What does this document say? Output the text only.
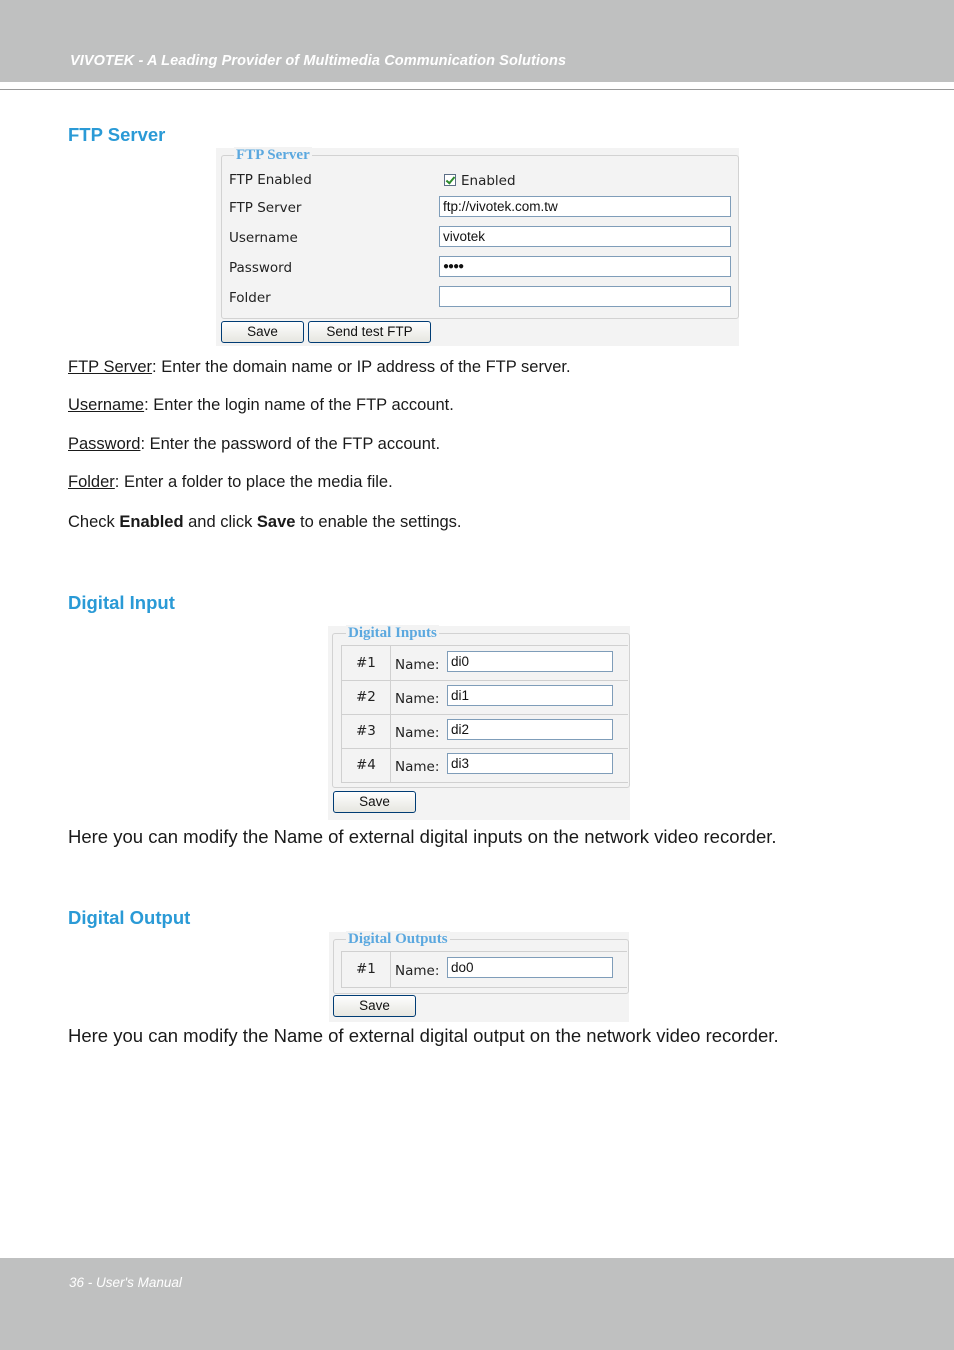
VIVOTEK - A Leading Provider of Multimedia Communication Solutions
FTP Server
FTP Server
FTP Enabled	Enabled
FTP Server	ftp://vivotek.com.tw
Username	vivotek
Password	●●●●
Folder
Save	Send test FTP
FTP Server: Enter the domain name or IP address of the FTP server.
Username: Enter the login name of the FTP account.
Password: Enter the password of the FTP account.
Folder: Enter a folder to place the media file.
Check Enabled and click Save to enable the settings.
Digital Input
Digital Inputs
#1 Name: di0
#2 Name: di1
#3 Name: di2
#4 Name: di3
Save
Here you can modify the Name of external digital inputs on the network video recorder.
Digital Output
Digital Outputs
#1 Name: do0
Save
Here you can modify the Name of external digital output on the network video recorder.
36 - User's Manual
